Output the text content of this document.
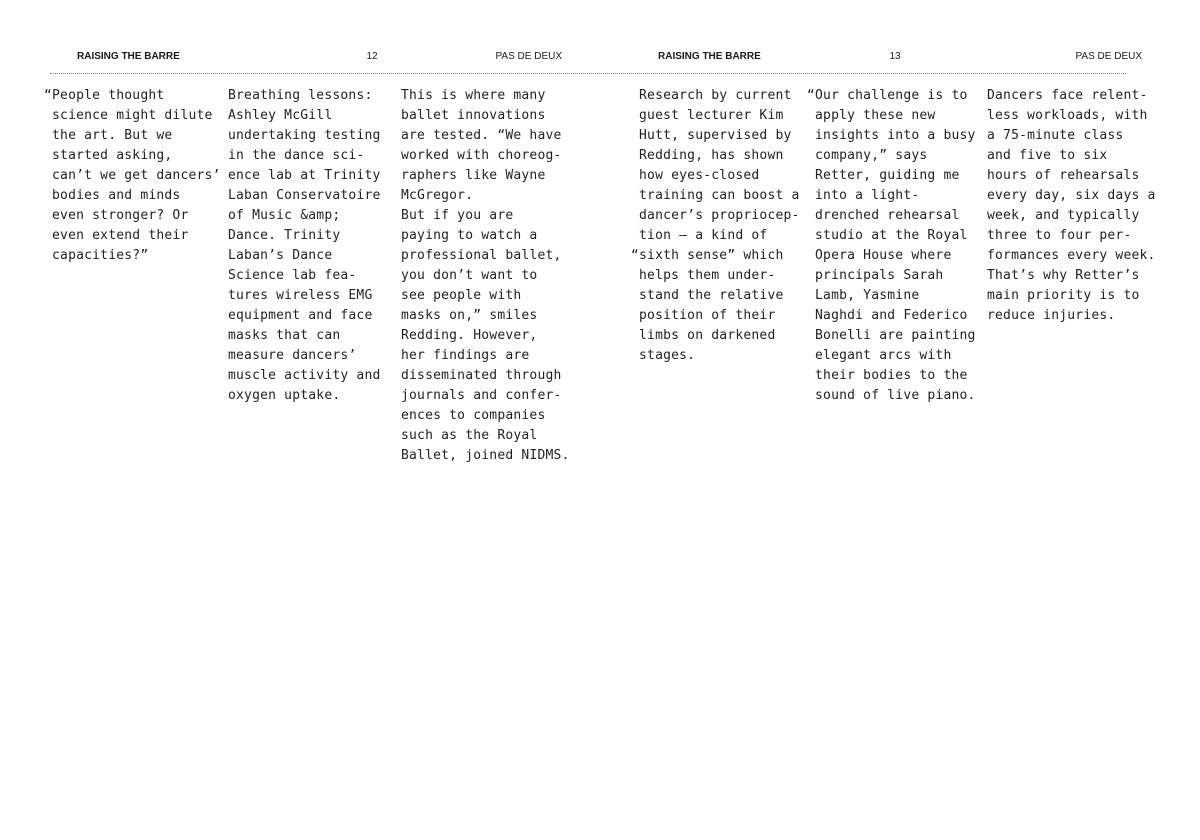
RAISING THE BARRE	12	PAS DE DEUX	RAISING THE BARRE	13	PAS DE DEUX
“People thought
science might dilute
the art. But we
started asking,
can’t we get dancers’
bodies and minds
even stronger? Or
even extend their
capacities?”
Breathing lessons:
Ashley McGill
undertaking testing
in the dance sci-
ence lab at Trinity
Laban Conservatoire
of Music &amp;
Dance. Trinity
Laban’s Dance
Science lab fea-
tures wireless EMG
equipment and face
masks that can
measure dancers’
muscle activity and
oxygen uptake.
This is where many
ballet innovations
are tested. “We have
worked with choreog-
raphers like Wayne
McGregor.
But if you are
paying to watch a
professional ballet,
you don’t want to
see people with
masks on,” smiles
Redding. However,
her findings are
disseminated through
journals and confer-
ences to companies
such as the Royal
Ballet, joined NIDMS.
Research by current
guest lecturer Kim
Hutt, supervised by
Redding, has shown
how eyes-closed
training can boost a
dancer’s propriocep-
tion – a kind of
“sixth sense” which
helps them under-
stand the relative
position of their
limbs on darkened
stages.
“Our challenge is to
apply these new
insights into a busy
company,” says
Retter, guiding me
into a light-
drenched rehearsal
studio at the Royal
Opera House where
principals Sarah
Lamb, Yasmine
Naghdi and Federico
Bonelli are painting
elegant arcs with
their bodies to the
sound of live piano.
Dancers face relent-
less workloads, with
a 75-minute class
and five to six
hours of rehearsals
every day, six days a
week, and typically
three to four per-
formances every week.
That’s why Retter’s
main priority is to
reduce injuries.
